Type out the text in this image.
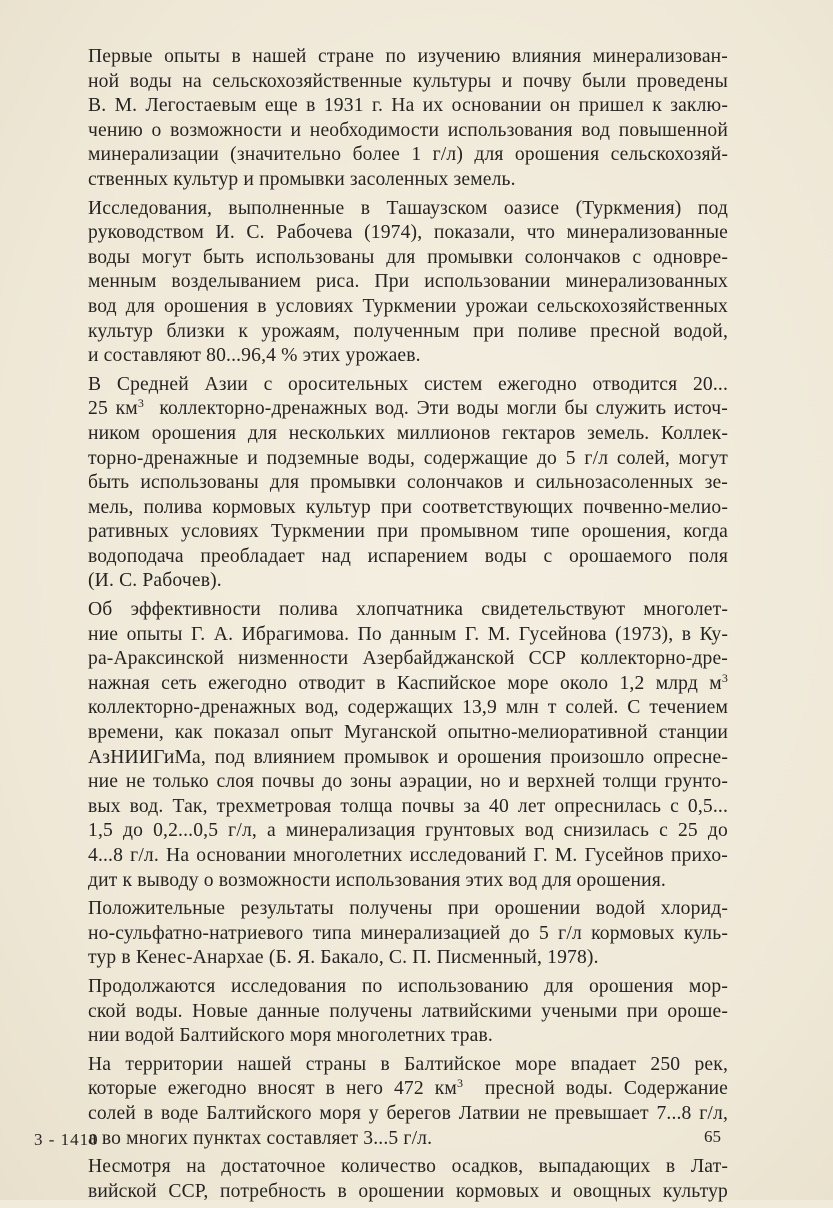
Первые опыты в нашей стране по изучению влияния минерализован-
ной воды на сельскохозяйственные культуры и почву были проведены
В. М. Легостаевым еще в 1931 г. На их основании он пришел к заклю-
чению о возможности и необходимости использования вод повышенной
минерализации (значительно более 1 г/л) для орошения сельскохозяй-
ственных культур и промывки засоленных земель.
Исследования, выполненные в Ташаузском оазисе (Туркмения) под
руководством И. С. Рабочева (1974), показали, что минерализованные
воды могут быть использованы для промывки солончаков с одновре-
менным возделыванием риса. При использовании минерализованных
вод для орошения в условиях Туркмении урожаи сельскохозяйственных
культур близки к урожаям, полученным при поливе пресной водой,
и составляют 80...96,4 % этих урожаев.
В Средней Азии с оросительных систем ежегодно отводится 20...
25 $км^3$ коллекторно-дренажных вод. Эти воды могли бы служить источ-
ником орошения для нескольких миллионов гектаров земель. Коллек-
торно-дренажные и подземные воды, содержащие до 5 г/л солей, могут
быть использованы для промывки солончаков и сильнозасоленных зе-
мель, полива кормовых культур при соответствующих почвенно-мелио-
ративных условиях Туркмении при промывном типе орошения, когда
водоподача преобладает над испарением воды с орошаемого поля
(И. С. Рабочев).
Об эффективности полива хлопчатника свидетельствуют многолет-
ние опыты Г. А. Ибрагимова. По данным Г. М. Гусейнова (1973), в Ку-
ра-Араксинской низменности Азербайджанской ССР коллекторно-дре-
нажная сеть ежегодно отводит в Каспийское море около 1,2 млрд $м^3$
коллекторно-дренажных вод, содержащих 13,9 млн т солей. С течением
времени, как показал опыт Муганской опытно-мелиоративной станции
АзНИИГиМа, под влиянием промывок и орошения произошло опресне-
ние не только слоя почвы до зоны аэрации, но и верхней толщи грунто-
вых вод. Так, трехметровая толща почвы за 40 лет опреснилась с 0,5...
1,5 до 0,2...0,5 г/л, а минерализация грунтовых вод снизилась с 25 до
4...8 г/л. На основании многолетних исследований Г. М. Гусейнов прихо-
дит к выводу о возможности использования этих вод для орошения.
Положительные результаты получены при орошении водой хлорид-
но-сульфатно-натриевого типа минерализацией до 5 г/л кормовых куль-
тур в Кенес-Анархае (Б. Я. Бакало, С. П. Писменный, 1978).
Продолжаются исследования по использованию для орошения мор-
ской воды. Новые данные получены латвийскими учеными при ороше-
нии водой Балтийского моря многолетних трав.
На территории нашей страны в Балтийское море впадает 250 рек,
которые ежегодно вносят в него 472 $км^3$ пресной воды. Содержание
солей в воде Балтийского моря у берегов Латвии не превышает 7...8 г/л,
а во многих пунктах составляет 3...5 г/л.
Несмотря на достаточное количество осадков, выпадающих в Лат-
вийской ССР, потребность в орошении кормовых и овощных культур
3 - 1410	65
